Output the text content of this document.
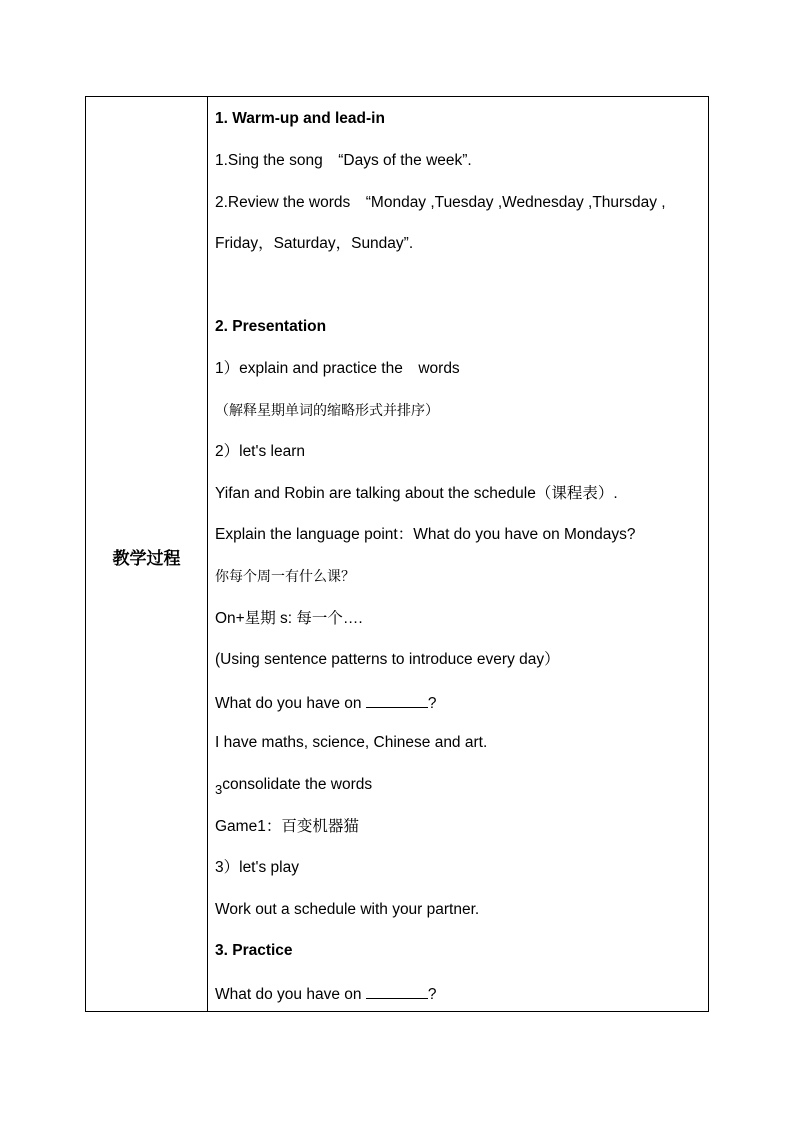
教学过程
1. Warm-up and lead-in
1.Sing the song　“Days of the week”.
2.Review the words　“Monday ,Tuesday ,Wednesday ,Thursday ,
Friday，Saturday，Sunday”.
2. Presentation
1）explain and practice the　words
（解释星期单词的缩略形式并排序）
2）let's learn
Yifan and Robin are talking about the schedule（课程表）.
Explain the language point：What do you have on Mondays?
你每个周一有什么课？
On+星期 s: 每一个….
(Using sentence patterns to introduce every day）
What do you have on	?
I have maths, science, Chinese and art.
3consolidate the words
Game1：百变机器猫
3）let's play
Work out a schedule with your partner.
3. Practice
What do you have on	?
